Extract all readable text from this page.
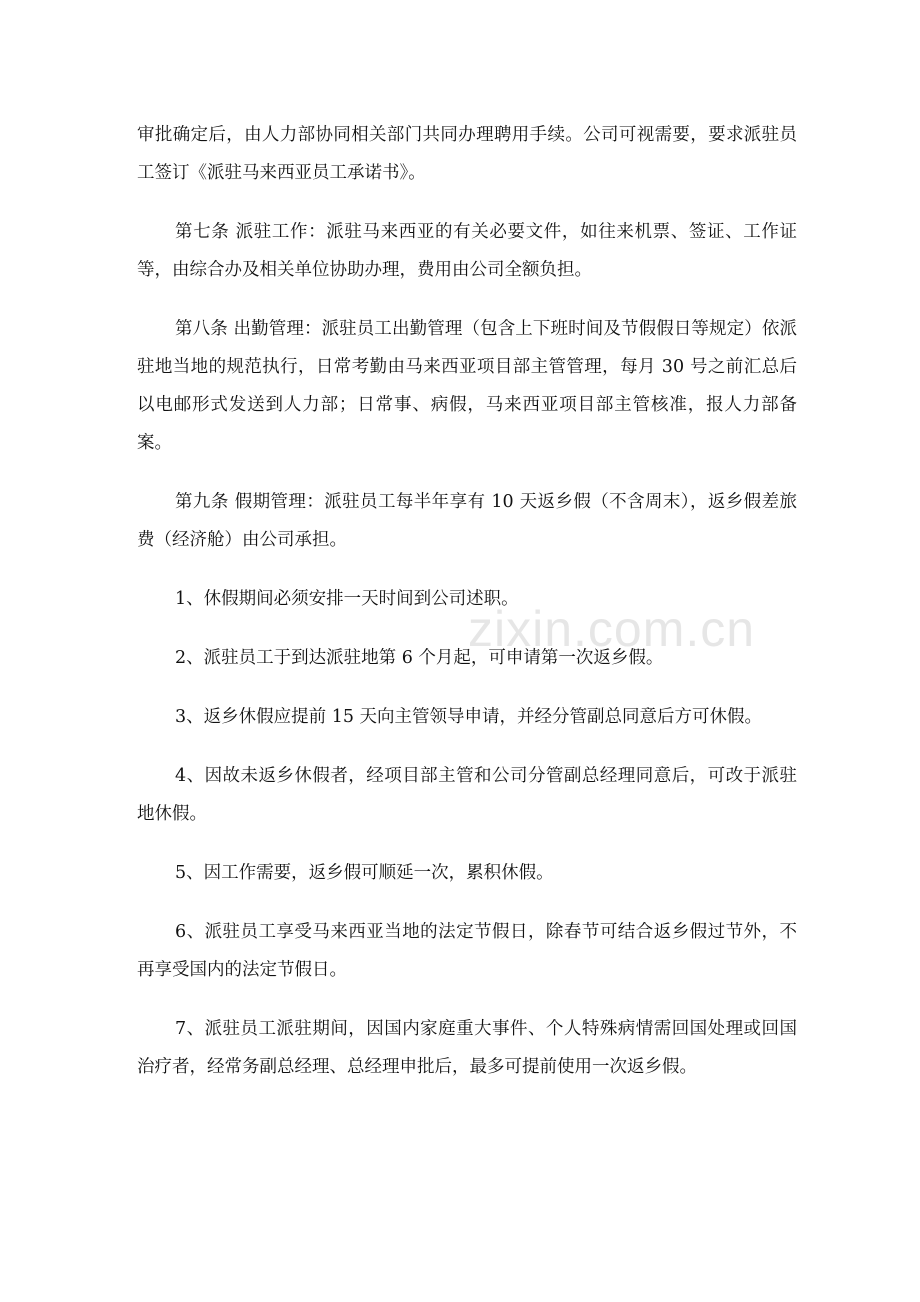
审批确定后，由人力部协同相关部门共同办理聘用手续。公司可视需要，要求派驻员工签订《派驻马来西亚员工承诺书》。

第七条 派驻工作：派驻马来西亚的有关必要文件，如往来机票、签证、工作证等，由综合办及相关单位协助办理，费用由公司全额负担。

第八条 出勤管理：派驻员工出勤管理（包含上下班时间及节假假日等规定）依派驻地当地的规范执行，日常考勤由马来西亚项目部主管管理，每月 30 号之前汇总后以电邮形式发送到人力部；日常事、病假，马来西亚项目部主管核准，报人力部备案。

第九条 假期管理：派驻员工每半年享有 10 天返乡假（不含周末），返乡假差旅费（经济舱）由公司承担。

1、休假期间必须安排一天时间到公司述职。

2、派驻员工于到达派驻地第 6 个月起，可申请第一次返乡假。

3、返乡休假应提前 15 天向主管领导申请，并经分管副总同意后方可休假。

4、因故未返乡休假者，经项目部主管和公司分管副总经理同意后，可改于派驻地休假。

5、因工作需要，返乡假可顺延一次，累积休假。

6、派驻员工享受马来西亚当地的法定节假日，除春节可结合返乡假过节外，不再享受国内的法定节假日。

7、派驻员工派驻期间，因国内家庭重大事件、个人特殊病情需回国处理或回国治疗者，经常务副总经理、总经理申批后，最多可提前使用一次返乡假。

zixin.com.cn
